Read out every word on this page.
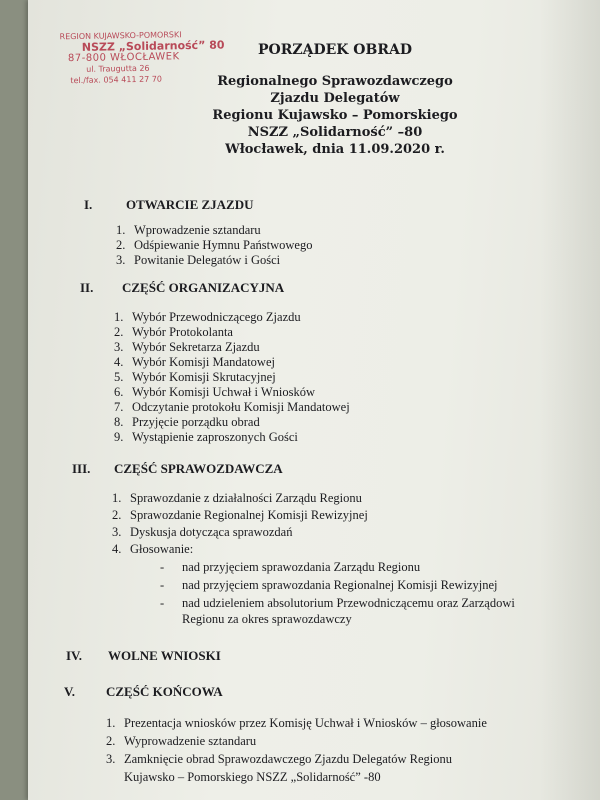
REGION KUJAWSKO-POMORSKI
NSZZ „Solidarność” 80
87-800 WŁOCŁAWEK
ul. Traugutta 26
tel./fax. 054 411 27 70
PORZĄDEK OBRAD
Regionalnego Sprawozdawczego
Zjazdu Delegatów
Regionu Kujawsko – Pomorskiego
NSZZ „Solidarność” –80
Włocławek, dnia 11.09.2020 r.
I.	OTWARCIE ZJAZDU
1. Wprowadzenie sztandaru
2. Odśpiewanie Hymnu Państwowego
3. Powitanie Delegatów i Gości
II. CZĘŚĆ ORGANIZACYJNA
1. Wybór Przewodniczącego Zjazdu
2. Wybór Protokolanta
3. Wybór Sekretarza Zjazdu
4. Wybór Komisji Mandatowej
5. Wybór Komisji Skrutacyjnej
6. Wybór Komisji Uchwał i Wniosków
7. Odczytanie protokołu Komisji Mandatowej
8. Przyjęcie porządku obrad
9. Wystąpienie zaproszonych Gości
III. CZĘŚĆ SPRAWOZDAWCZA
1. Sprawozdanie z działalności Zarządu Regionu
2. Sprawozdanie Regionalnej Komisji Rewizyjnej
3. Dyskusja dotycząca sprawozdań
4. Głosowanie:
- nad przyjęciem sprawozdania Zarządu Regionu
- nad przyjęciem sprawozdania Regionalnej Komisji Rewizyjnej
- nad udzieleniem absolutorium Przewodniczącemu oraz Zarządowi
Regionu za okres sprawozdawczy
IV. WOLNE WNIOSKI
V. CZĘŚĆ KOŃCOWA
1. Prezentacja wniosków przez Komisję Uchwał i Wniosków – głosowanie
2. Wyprowadzenie sztandaru
3. Zamknięcie obrad Sprawozdawczego Zjazdu Delegatów Regionu
Kujawsko – Pomorskiego NSZZ „Solidarność” -80
